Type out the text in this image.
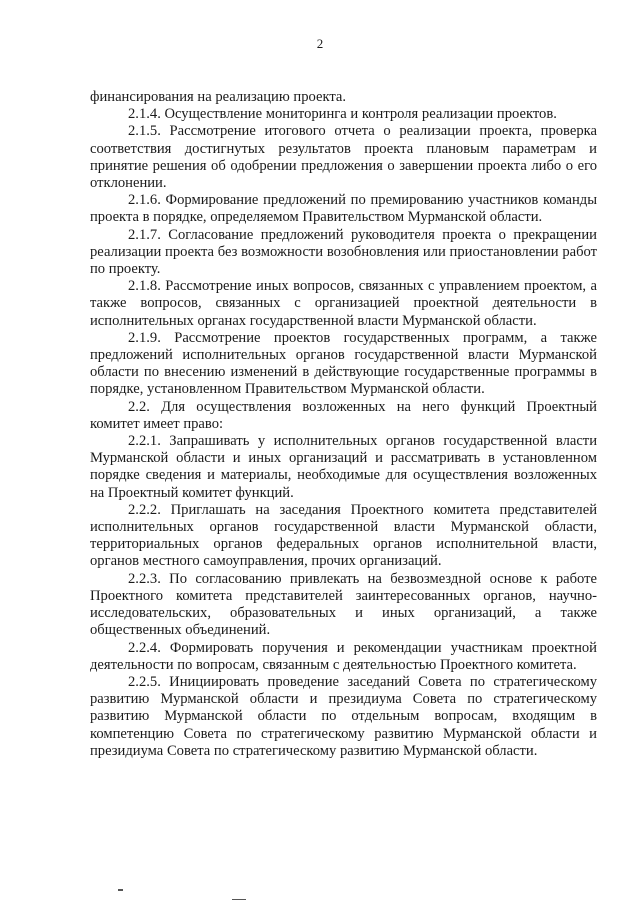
2

финансирования на реализацию проекта.

2.1.4. Осуществление мониторинга и контроля реализации проектов.

2.1.5. Рассмотрение итогового отчета о реализации проекта, проверка соответствия достигнутых результатов проекта плановым параметрам и принятие решения об одобрении предложения о завершении проекта либо о его отклонении.

2.1.6. Формирование предложений по премированию участников команды проекта в порядке, определяемом Правительством Мурманской области.

2.1.7. Согласование предложений руководителя проекта о прекращении реализации проекта без возможности возобновления или приостановлении работ по проекту.

2.1.8. Рассмотрение иных вопросов, связанных с управлением проектом, а также вопросов, связанных с организацией проектной деятельности в исполнительных органах государственной власти Мурманской области.

2.1.9. Рассмотрение проектов государственных программ, а также предложений исполнительных органов государственной власти Мурманской области по внесению изменений в действующие государственные программы в порядке, установленном Правительством Мурманской области.

2.2. Для осуществления возложенных на него функций Проектный комитет имеет право:

2.2.1. Запрашивать у исполнительных органов государственной власти Мурманской области и иных организаций и рассматривать в установленном порядке сведения и материалы, необходимые для осуществления возложенных на Проектный комитет функций.

2.2.2. Приглашать на заседания Проектного комитета представителей исполнительных органов государственной власти Мурманской области, территориальных органов федеральных органов исполнительной власти, органов местного самоуправления, прочих организаций.

2.2.3. По согласованию привлекать на безвозмездной основе к работе Проектного комитета представителей заинтересованных органов, научно-исследовательских, образовательных и иных организаций, а также общественных объединений.

2.2.4. Формировать поручения и рекомендации участникам проектной деятельности по вопросам, связанным с деятельностью Проектного комитета.

2.2.5. Инициировать проведение заседаний Совета по стратегическому развитию Мурманской области и президиума Совета по стратегическому развитию Мурманской области по отдельным вопросам, входящим в компетенцию Совета по стратегическому развитию Мурманской области и президиума Совета по стратегическому развитию Мурманской области.
